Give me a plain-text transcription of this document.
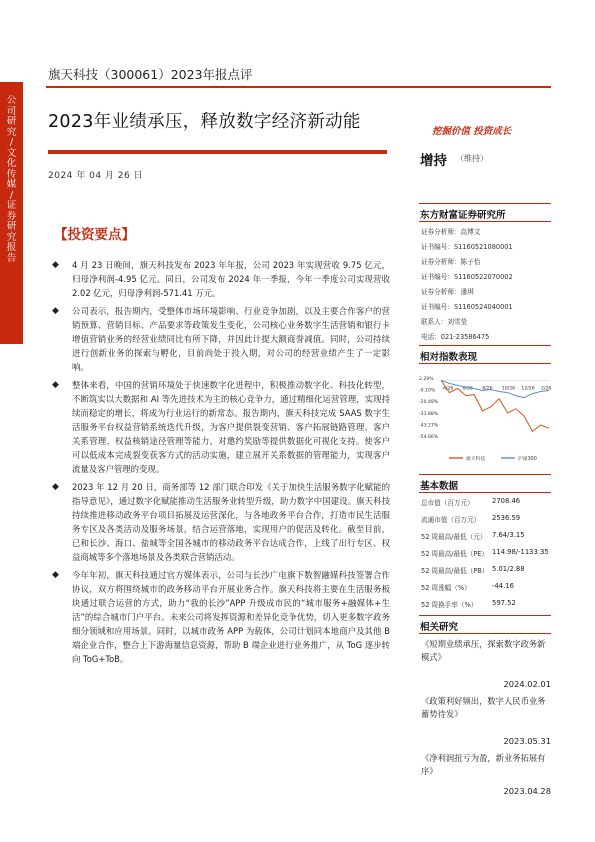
公司研究 / 文化传媒 / 证券研究报告
旗天科技（300061）2023年报点评
2023年业绩承压，释放数字经济新动能	挖掘价值 投资成长
2024 年 04 月 26 日
增持 （维持）
【投资要点】
◆ 4 月 23 日晚间，旗天科技发布 2023 年年报，公司 2023 年实现营收 9.75 亿元，归母净利润-4.95 亿元。同日，公司发布 2024 年一季报，今年一季度公司实现营收 2.02 亿元，归母净利润-571.41 万元。
◆ 公司表示，报告期内，受整体市场环境影响、行业竞争加剧，以及主要合作客户的营销预算、营销目标、产品要求等政策发生变化，公司核心业务数字生活营销和银行卡增值营销业务的经营业绩同比有所下降，并因此计提大额商誉减值。同时，公司持续进行创新业务的探索与孵化，目前尚处于投入期，对公司的经营业绩产生了一定影响。
◆ 整体来看，中国的营销环境处于快速数字化进程中，积极推动数字化、科技化转型，不断筑实以大数据和 AI 等先进技术为主的核心竞争力，通过精细化运营管理，实现持续而稳定的增长，将成为行业运行的新常态。报告期内，旗天科技完成 SAAS 数字生活服务平台权益营销系统迭代升级，为客户提供裂变营销、客户拓展链路管理、客户关系管理、权益核销途径管理等能力，对邀约奖励等提供数据化可视化支持。使客户可以低成本完成裂变获客方式的活动实施，建立展开关系数据的管理能力，实现客户流量及客户管理的变现。
◆ 2023 年 12 月 20 日，商务部等 12 部门联合印发《关于加快生活服务数字化赋能的指导意见》，通过数字化赋能推动生活服务业转型升级，助力数字中国建设。旗天科技持续推进移动政务平台项目拓展及运营深化，与各地政务平台合作，打造市民生活服务专区及各类活动及服务场景，结合运营落地，实现用户的促活及转化。截至目前，已和长沙、海口、盐城等全国各城市的移动政务平台达成合作，上线了出行专区、权益商城等多个落地场景及各类联合营销活动。
◆ 今年年初，旗天科技通过官方媒体表示，公司与长沙广电旗下数智融媒科技签署合作协议，双方将围绕城市的政务移动平台开展业务合作。旗天科技将主要在生活服务板块通过联合运营的方式，助力“我的长沙”APP 升级成市民的“城市服务+融媒体+生活”的综合城市门户平台。未来公司将发挥资源和差异化竞争优势，切入更多数字政务细分领域和应用场景。同时，以城市政务 APP 为载体，公司计划同本地商户及其他 B 端企业合作，整合上下游海量信息资源，帮助 B 端企业进行业务推广，从 ToG 逐步转向 ToG+ToB。
东方财富证券研究所
证券分析师：高博文
证书编号：S1160521080001
证券分析师：陈子怡
证书编号：S1160522070002
证券分析师：潘琪
证书编号：S1160524040001
联系人：刘雪莹
电话：021-23586475
相对指数表现
2.29%
-9.10%
-20.49%
-31.88%
-43.27%
-54.66%
4/26 6/26 8/26 10/26 12/26 2/26
旗天科技	沪深300
基本数据
总市值（百万元）	2708.46
流通市值（百万元） 2536.59
52 周最高/最低（元） 7.64/3.15
52 周最高/最低（PE） 114.98/-1133.35
52 周最高/最低（PB） 5.01/2.88
52 周涨幅（%）	-44.16
52 周换手率（%） 597.52
相关研究
《短期业绩承压，探索数字政务新模式》
2024.02.01
《政策利好频出，数字人民币业务蓄势待发》
2023.05.31
《净利润扭亏为盈，新业务拓展有序》
2023.04.28
